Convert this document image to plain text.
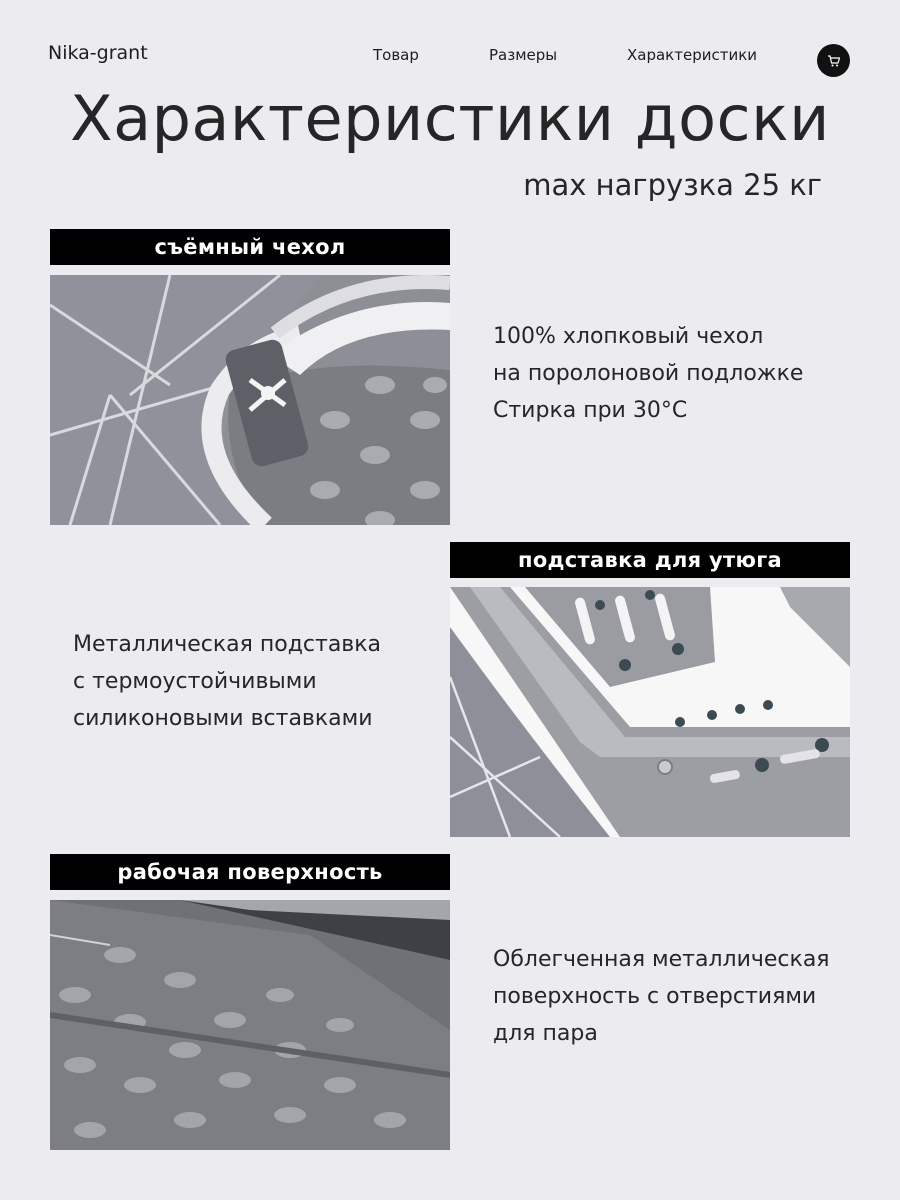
Nika-grant	Товар	Размеры	Характеристики
Характеристики доски
max нагрузка 25 кг
съёмный чехол
100% хлопковый чехол
на поролоновой подложке
Стирка при 30°C
подставка для утюга
Металлическая подставка
с термоустойчивыми
силиконовыми вставками
рабочая поверхность
Облегченная металлическая
поверхность с отверстиями
для пара
